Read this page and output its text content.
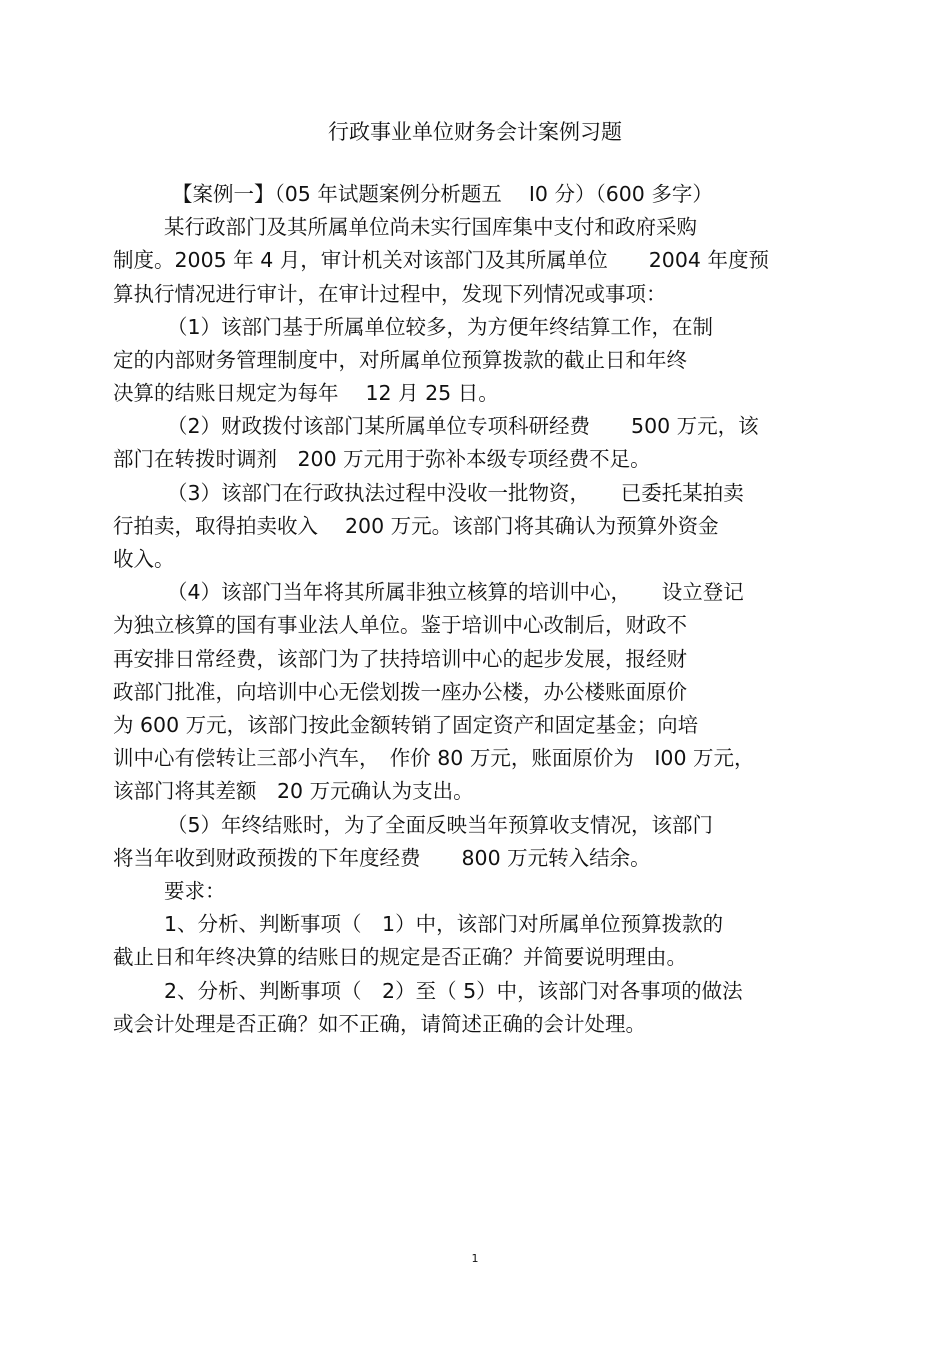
行政事业单位财务会计案例习题
【案例一】（05 年试题案例分析题五　 I0 分）（600 多字）
某行政部门及其所属单位尚未实行国库集中支付和政府采购
制度。2005 年 4 月，审计机关对该部门及其所属单位　　2004 年度预
算执行情况进行审计，在审计过程中，发现下列情况或事项：
（1）该部门基于所属单位较多，为方便年终结算工作，在制
定的内部财务管理制度中，对所属单位预算拨款的截止日和年终
决算的结账日规定为每年　 12 月 25 日。
（2）财政拨付该部门某所属单位专项科研经费　　500 万元，该
部门在转拨时调剂　200 万元用于弥补本级专项经费不足。
（3）该部门在行政执法过程中没收一批物资，　　已委托某拍卖
行拍卖，取得拍卖收入　 200 万元。该部门将其确认为预算外资金
收入。
（4）该部门当年将其所属非独立核算的培训中心，　　设立登记
为独立核算的国有事业法人单位。鉴于培训中心改制后，财政不
再安排日常经费，该部门为了扶持培训中心的起步发展，报经财
政部门批准，向培训中心无偿划拨一座办公楼，办公楼账面原价
为 600 万元，该部门按此金额转销了固定资产和固定基金；向培
训中心有偿转让三部小汽车，　作价 80 万元，账面原价为　I00 万元，
该部门将其差额　20 万元确认为支出。
（5）年终结账时，为了全面反映当年预算收支情况，该部门
将当年收到财政预拨的下年度经费　　800 万元转入结余。
要求：
1、分析、判断事项（　1）中，该部门对所属单位预算拨款的
截止日和年终决算的结账日的规定是否正确？并简要说明理由。
2、分析、判断事项（　2）至（ 5）中，该部门对各事项的做法
或会计处理是否正确？如不正确，请简述正确的会计处理。
1
